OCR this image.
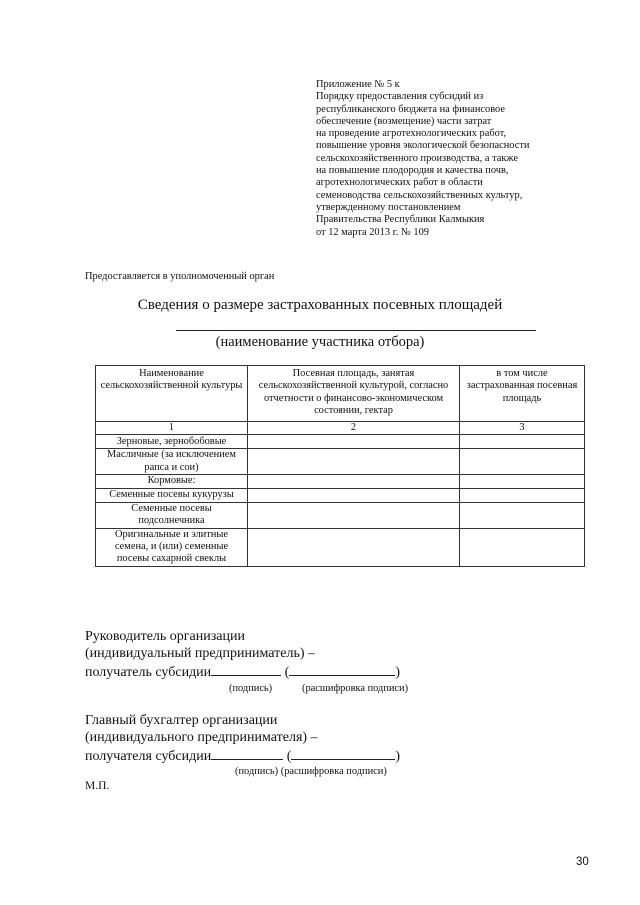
Приложение № 5 к
Порядку предоставления субсидий из
республиканского бюджета на финансовое
обеспечение (возмещение) части затрат
на проведение агротехнологических работ,
повышение уровня экологической безопасности
сельскохозяйственного производства, а также
на повышение плодородия и качества почв,
агротехнологических работ в области
семеноводства сельскохозяйственных культур,
утвержденному постановлением
Правительства Республики Калмыкия
от 12 марта 2013 г. № 109
Предоставляется в уполномоченный орган
Сведения о размере застрахованных посевных площадей
(наименование участника отбора)
Наименование сельскохозяйственной культуры	Посевная площадь, занятая сельскохозяйственной культурой, согласно отчетности о финансово-экономическом состоянии, гектар	в том числе застрахованная посевная площадь
1	2	3
Зерновые, зернобобовые		
Масличные (за исключением рапса и сои)		
Кормовые:		
Семенные посевы кукурузы		
Семенные посевы подсолнечника		
Оригинальные и элитные семена, и (или) семенные посевы сахарной свеклы		
Руководитель организации
(индивидуальный предприниматель) –
получатель субсидии	(	)
(подпись)	(расшифровка подписи)
Главный бухгалтер организации
(индивидуального предпринимателя) –
получателя субсидии	(	)
(подпись) (расшифровка подписи)
М.П.
30
